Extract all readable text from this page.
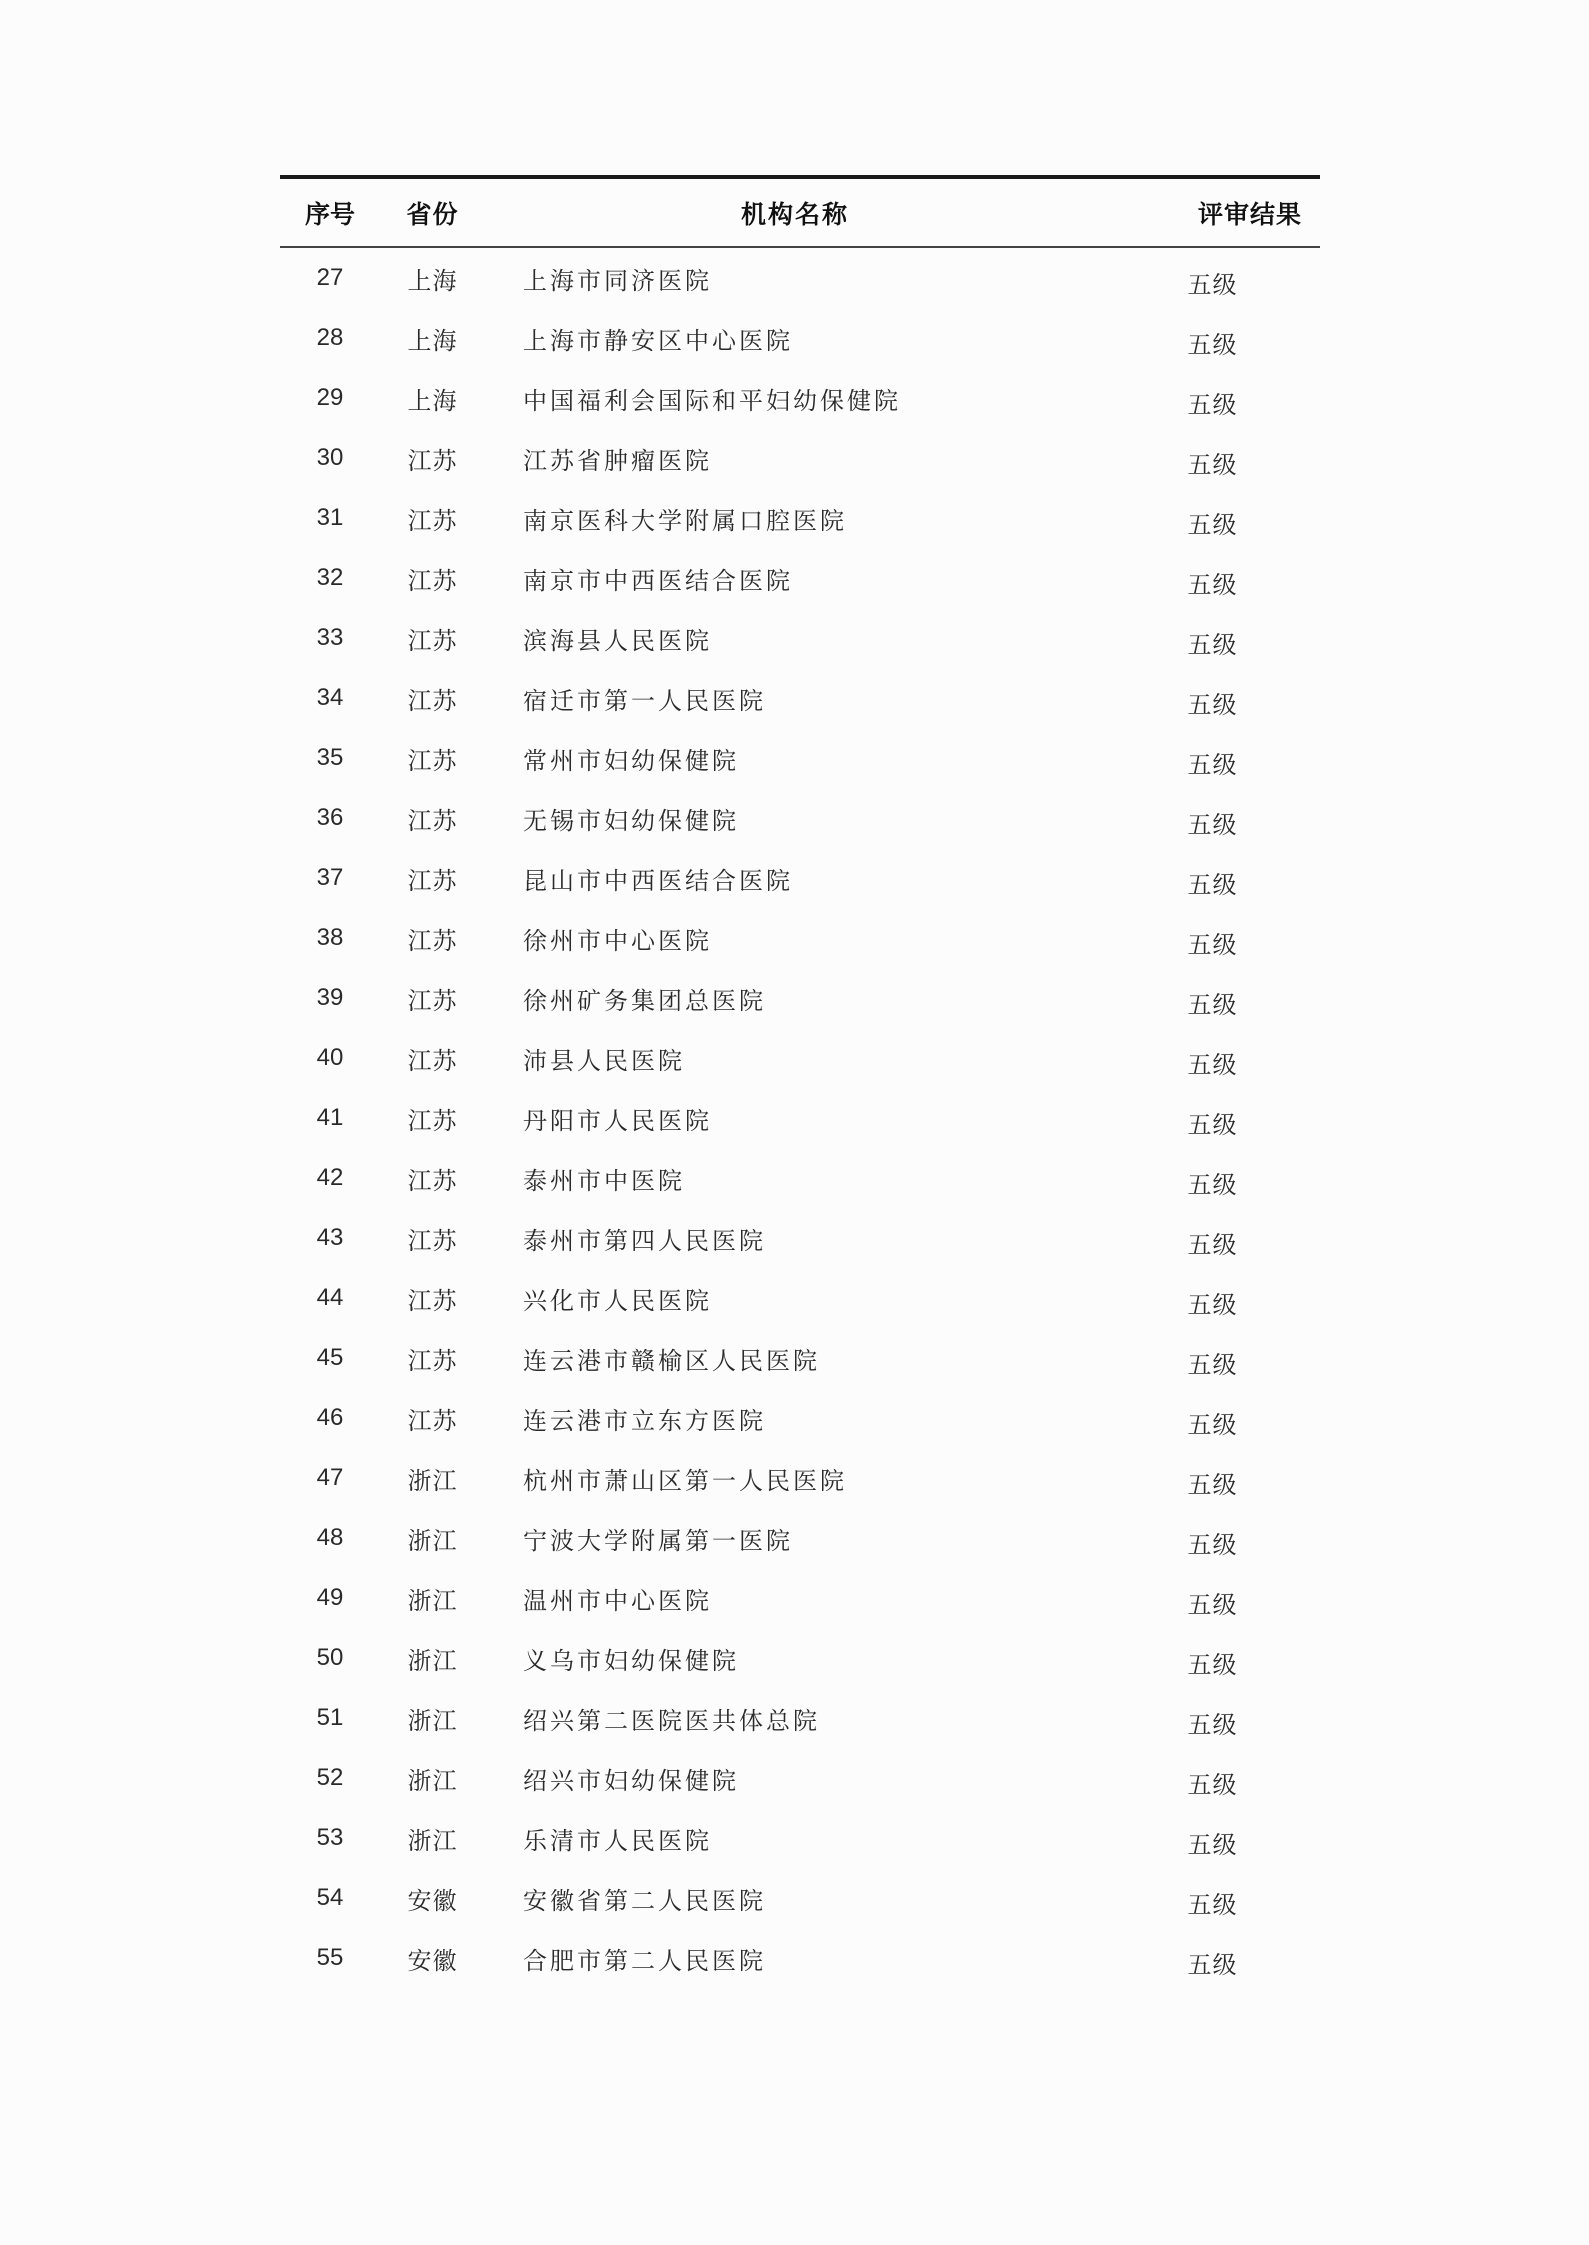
序号	省份	机构名称	评审结果
27	上海	上海市同济医院	五级
28	上海	上海市静安区中心医院	五级
29	上海	中国福利会国际和平妇幼保健院	五级
30	江苏	江苏省肿瘤医院	五级
31	江苏	南京医科大学附属口腔医院	五级
32	江苏	南京市中西医结合医院	五级
33	江苏	滨海县人民医院	五级
34	江苏	宿迁市第一人民医院	五级
35	江苏	常州市妇幼保健院	五级
36	江苏	无锡市妇幼保健院	五级
37	江苏	昆山市中西医结合医院	五级
38	江苏	徐州市中心医院	五级
39	江苏	徐州矿务集团总医院	五级
40	江苏	沛县人民医院	五级
41	江苏	丹阳市人民医院	五级
42	江苏	泰州市中医院	五级
43	江苏	泰州市第四人民医院	五级
44	江苏	兴化市人民医院	五级
45	江苏	连云港市赣榆区人民医院	五级
46	江苏	连云港市立东方医院	五级
47	浙江	杭州市萧山区第一人民医院	五级
48	浙江	宁波大学附属第一医院	五级
49	浙江	温州市中心医院	五级
50	浙江	义乌市妇幼保健院	五级
51	浙江	绍兴第二医院医共体总院	五级
52	浙江	绍兴市妇幼保健院	五级
53	浙江	乐清市人民医院	五级
54	安徽	安徽省第二人民医院	五级
55	安徽	合肥市第二人民医院	五级
